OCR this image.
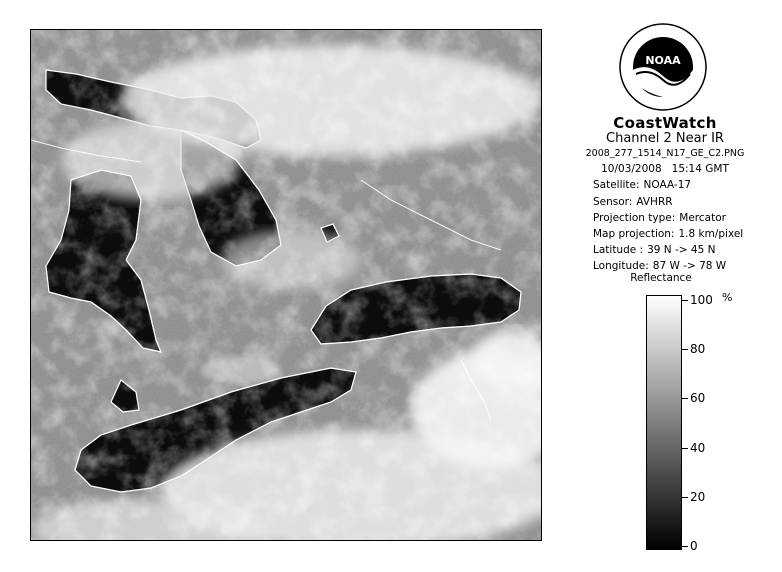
NOAA
CoastWatch
Channel 2 Near IR
2008_277_1514_N17_GE_C2.PNG
10/03/2008 15:14 GMT
Satellite: NOAA-17
Sensor: AVHRR
Projection type: Mercator
Map projection: 1.8 km/pixel
Latitude : 39 N -> 45 N
Longitude: 87 W -> 78 W
Reflectance
%
100
80
60
40
20
0
